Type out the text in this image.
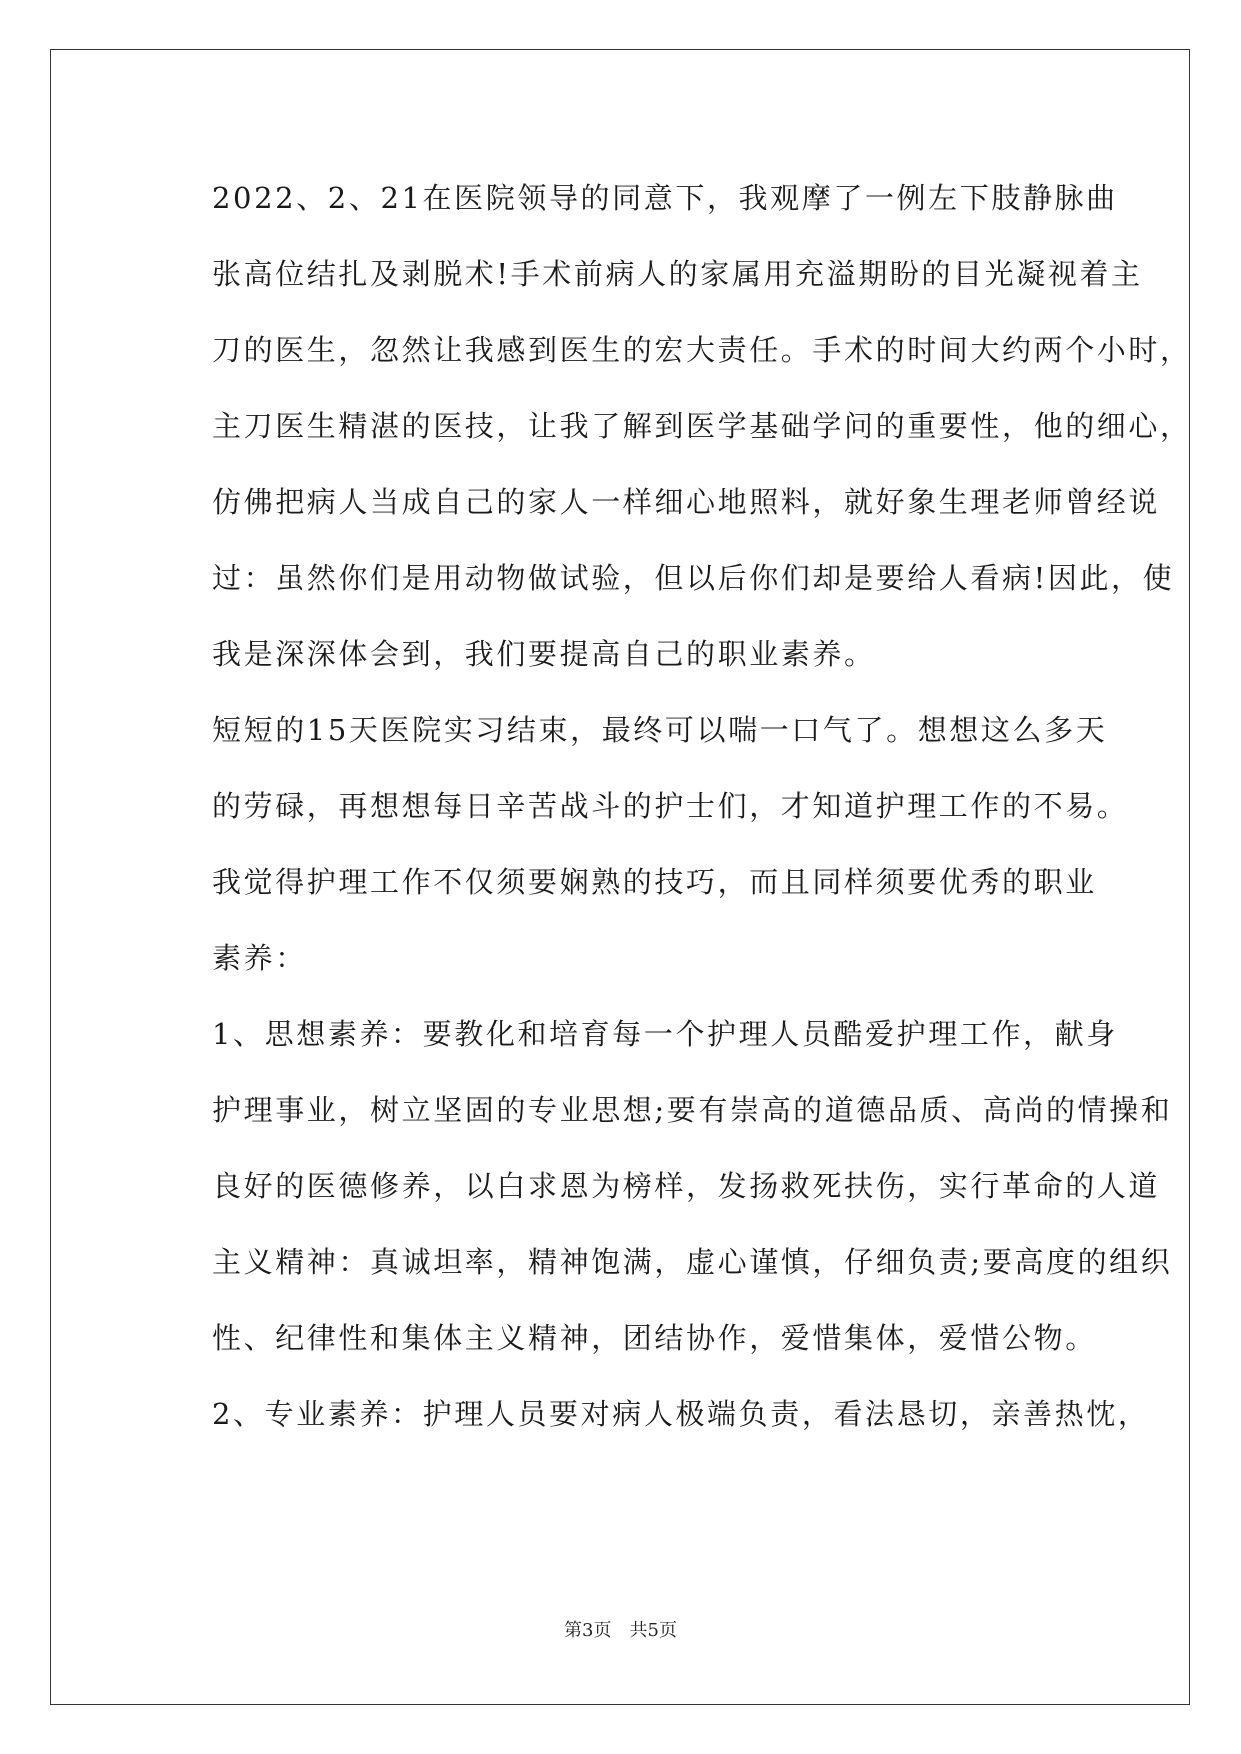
2022、2、21在医院领导的同意下，我观摩了一例左下肢静脉曲
张高位结扎及剥脱术!手术前病人的家属用充溢期盼的目光凝视着主
刀的医生，忽然让我感到医生的宏大责任。手术的时间大约两个小时，
主刀医生精湛的医技，让我了解到医学基础学问的重要性，他的细心，
仿佛把病人当成自己的家人一样细心地照料，就好象生理老师曾经说
过：虽然你们是用动物做试验，但以后你们却是要给人看病!因此，使
我是深深体会到，我们要提高自己的职业素养。

短短的15天医院实习结束，最终可以喘一口气了。想想这么多天
的劳碌，再想想每日辛苦战斗的护士们，才知道护理工作的不易。

我觉得护理工作不仅须要娴熟的技巧，而且同样须要优秀的职业
素养：

1、思想素养：要教化和培育每一个护理人员酷爱护理工作，献身
护理事业，树立坚固的专业思想;要有崇高的道德品质、高尚的情操和
良好的医德修养，以白求恩为榜样，发扬救死扶伤，实行革命的人道
主义精神：真诚坦率，精神饱满，虚心谨慎，仔细负责;要高度的组织
性、纪律性和集体主义精神，团结协作，爱惜集体，爱惜公物。

2、专业素养：护理人员要对病人极端负责，看法恳切，亲善热忱，

第3页 共5页
